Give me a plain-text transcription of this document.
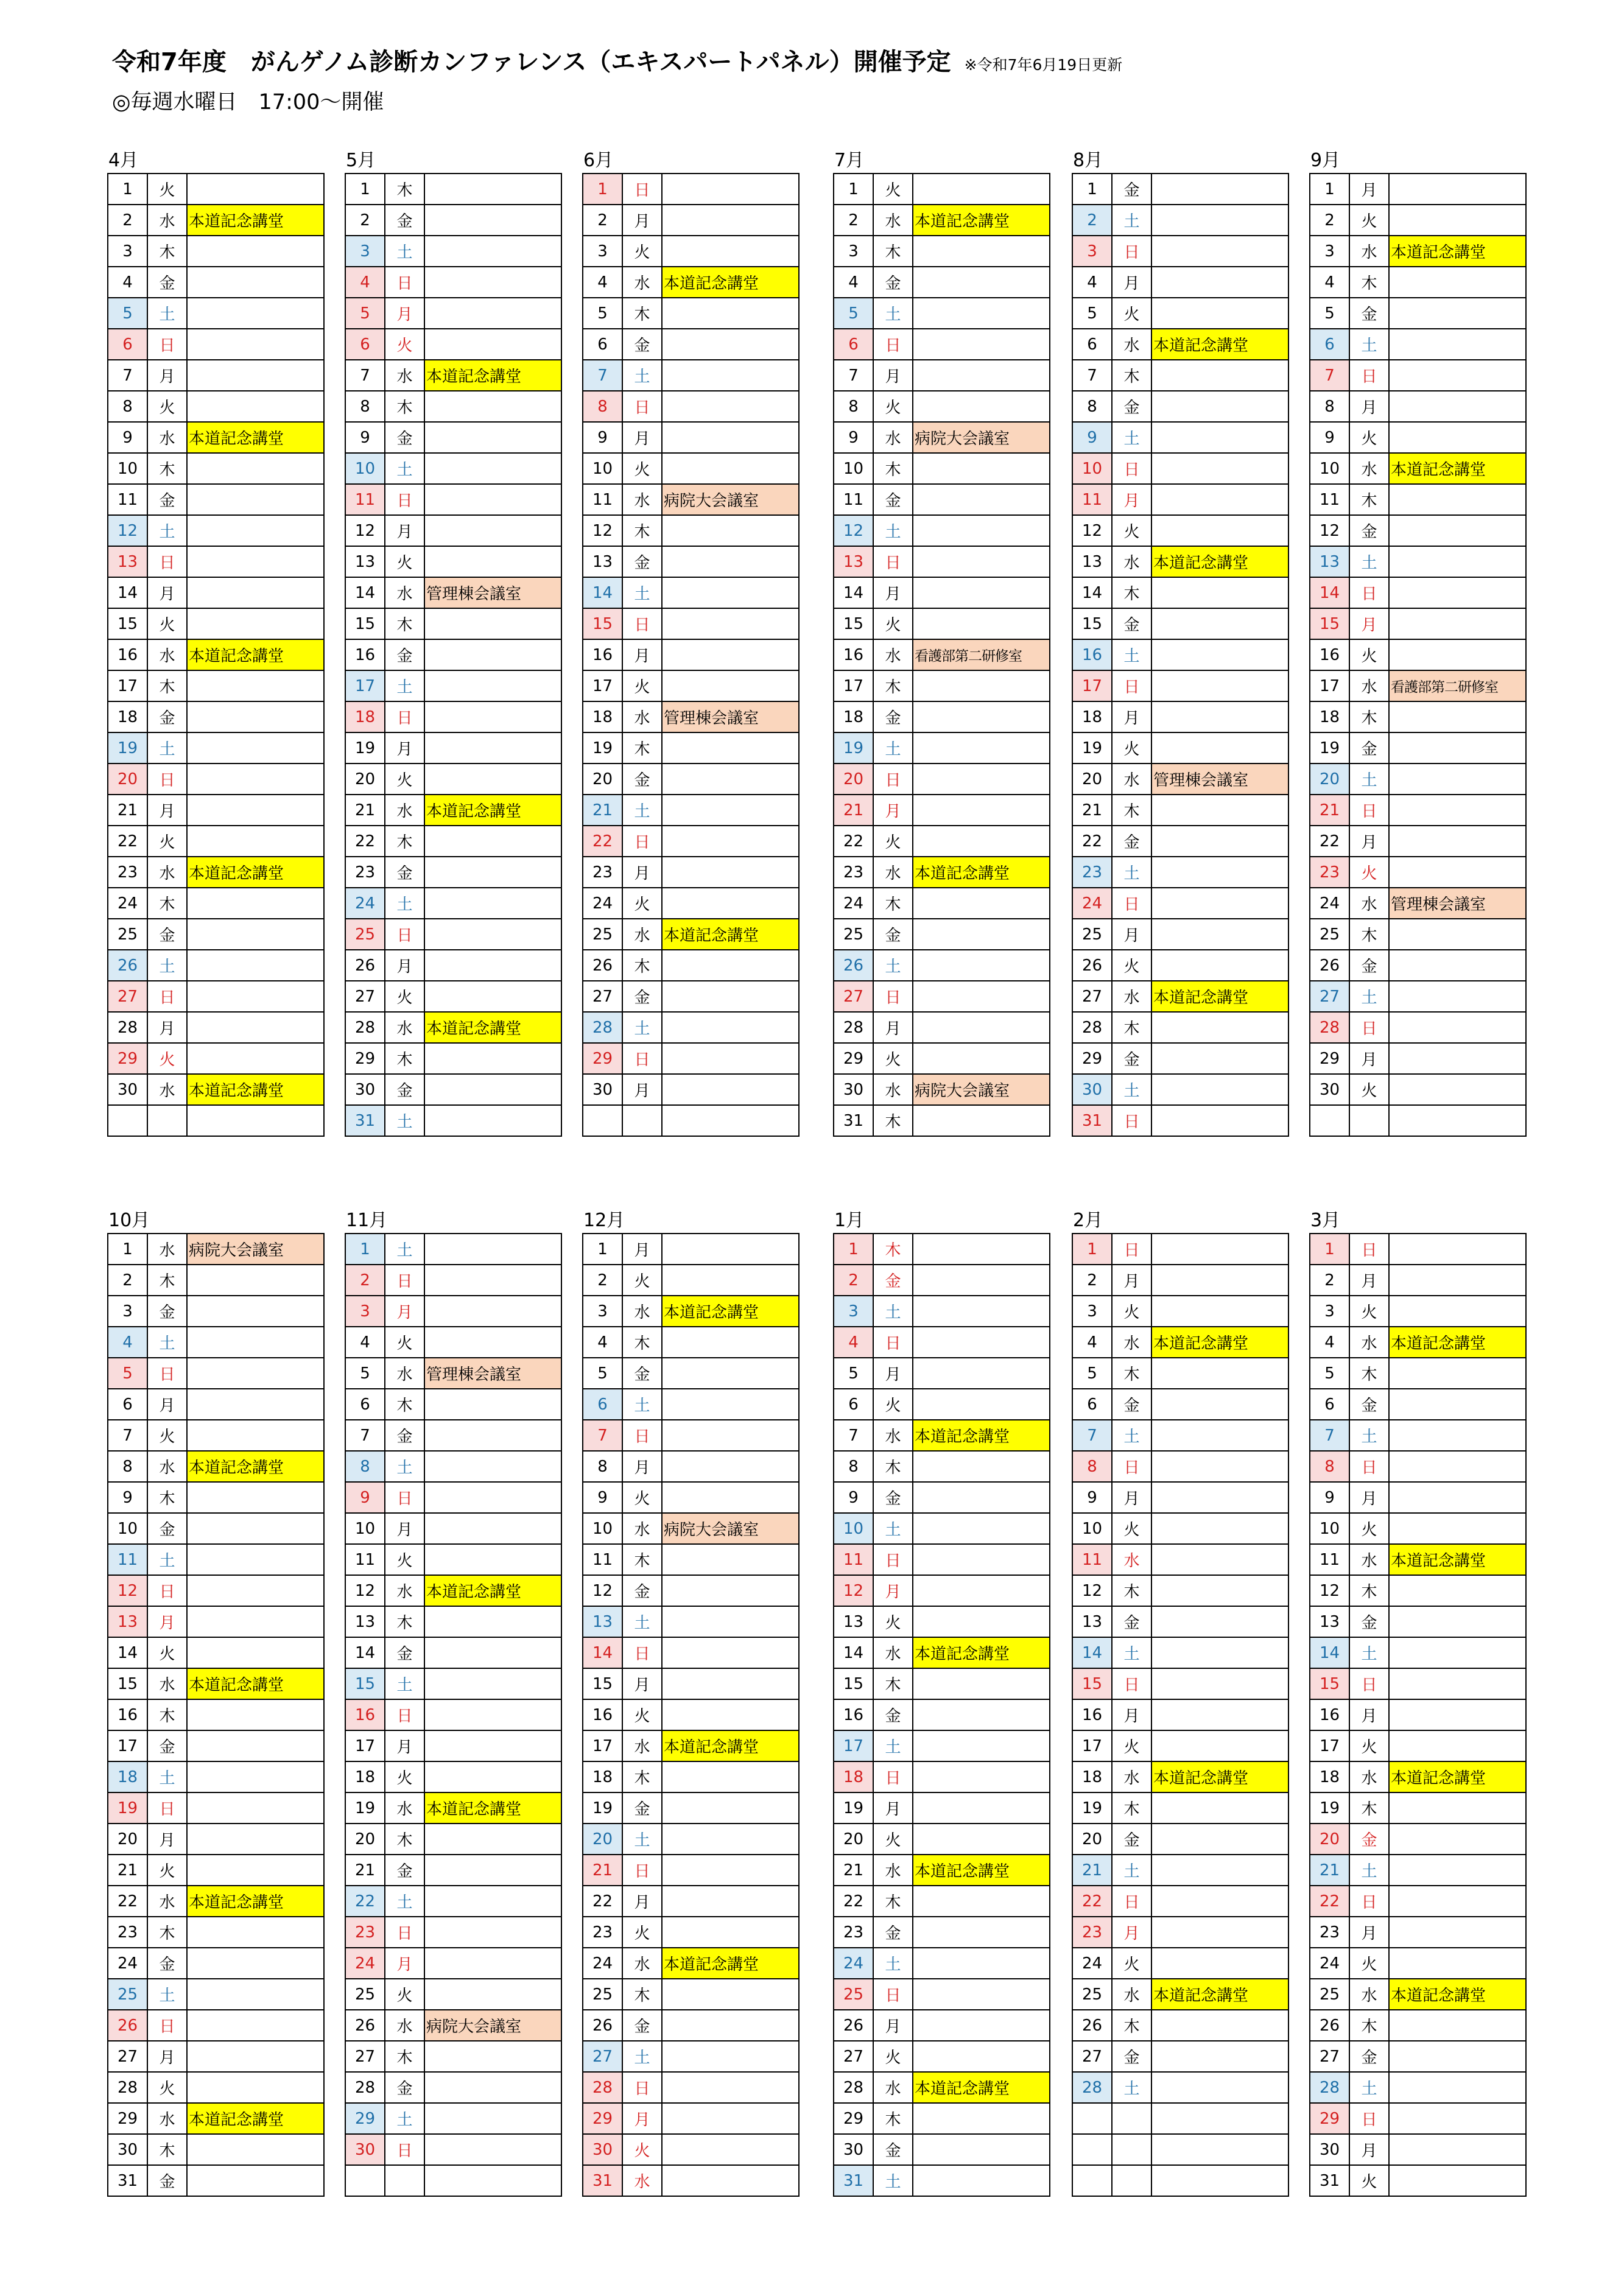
令和7年度　がんゲノム診断カンファレンス（エキスパートパネル）開催予定 ※令和7年6月19日更新
◎毎週水曜日　17:00～開催
4月
1	火	
2	水	本道記念講堂
3	木	
4	金	
5	土	
6	日	
7	月	
8	火	
9	水	本道記念講堂
10	木	
11	金	
12	土	
13	日	
14	月	
15	火	
16	水	本道記念講堂
17	木	
18	金	
19	土	
20	日	
21	月	
22	火	
23	水	本道記念講堂
24	木	
25	金	
26	土	
27	日	
28	月	
29	火	
30	水	本道記念講堂

5月
1	木	
2	金	
3	土	
4	日	
5	月	
6	火	
7	水	本道記念講堂
8	木	
9	金	
10	土	
11	日	
12	月	
13	火	
14	水	管理棟会議室
15	木	
16	金	
17	土	
18	日	
19	月	
20	火	
21	水	本道記念講堂
22	木	
23	金	
24	土	
25	日	
26	月	
27	火	
28	水	本道記念講堂
29	木	
30	金	
31	土	
6月
1	日	
2	月	
3	火	
4	水	本道記念講堂
5	木	
6	金	
7	土	
8	日	
9	月	
10	火	
11	水	病院大会議室
12	木	
13	金	
14	土	
15	日	
16	月	
17	火	
18	水	管理棟会議室
19	木	
20	金	
21	土	
22	日	
23	月	
24	火	
25	水	本道記念講堂
26	木	
27	金	
28	土	
29	日	
30	月	

7月
1	火	
2	水	本道記念講堂
3	木	
4	金	
5	土	
6	日	
7	月	
8	火	
9	水	病院大会議室
10	木	
11	金	
12	土	
13	日	
14	月	
15	火	
16	水	看護部第二研修室
17	木	
18	金	
19	土	
20	日	
21	月	
22	火	
23	水	本道記念講堂
24	木	
25	金	
26	土	
27	日	
28	月	
29	火	
30	水	病院大会議室
31	木	
8月
1	金	
2	土	
3	日	
4	月	
5	火	
6	水	本道記念講堂
7	木	
8	金	
9	土	
10	日	
11	月	
12	火	
13	水	本道記念講堂
14	木	
15	金	
16	土	
17	日	
18	月	
19	火	
20	水	管理棟会議室
21	木	
22	金	
23	土	
24	日	
25	月	
26	火	
27	水	本道記念講堂
28	木	
29	金	
30	土	
31	日	
9月
1	月	
2	火	
3	水	本道記念講堂
4	木	
5	金	
6	土	
7	日	
8	月	
9	火	
10	水	本道記念講堂
11	木	
12	金	
13	土	
14	日	
15	月	
16	火	
17	水	看護部第二研修室
18	木	
19	金	
20	土	
21	日	
22	月	
23	火	
24	水	管理棟会議室
25	木	
26	金	
27	土	
28	日	
29	月	
30	火	

10月
1	水	病院大会議室
2	木	
3	金	
4	土	
5	日	
6	月	
7	火	
8	水	本道記念講堂
9	木	
10	金	
11	土	
12	日	
13	月	
14	火	
15	水	本道記念講堂
16	木	
17	金	
18	土	
19	日	
20	月	
21	火	
22	水	本道記念講堂
23	木	
24	金	
25	土	
26	日	
27	月	
28	火	
29	水	本道記念講堂
30	木	
31	金	
11月
1	土	
2	日	
3	月	
4	火	
5	水	管理棟会議室
6	木	
7	金	
8	土	
9	日	
10	月	
11	火	
12	水	本道記念講堂
13	木	
14	金	
15	土	
16	日	
17	月	
18	火	
19	水	本道記念講堂
20	木	
21	金	
22	土	
23	日	
24	月	
25	火	
26	水	病院大会議室
27	木	
28	金	
29	土	
30	日	

12月
1	月	
2	火	
3	水	本道記念講堂
4	木	
5	金	
6	土	
7	日	
8	月	
9	火	
10	水	病院大会議室
11	木	
12	金	
13	土	
14	日	
15	月	
16	火	
17	水	本道記念講堂
18	木	
19	金	
20	土	
21	日	
22	月	
23	火	
24	水	本道記念講堂
25	木	
26	金	
27	土	
28	日	
29	月	
30	火	
31	水	
1月
1	木	
2	金	
3	土	
4	日	
5	月	
6	火	
7	水	本道記念講堂
8	木	
9	金	
10	土	
11	日	
12	月	
13	火	
14	水	本道記念講堂
15	木	
16	金	
17	土	
18	日	
19	月	
20	火	
21	水	本道記念講堂
22	木	
23	金	
24	土	
25	日	
26	月	
27	火	
28	水	本道記念講堂
29	木	
30	金	
31	土	
2月
1	日	
2	月	
3	火	
4	水	本道記念講堂
5	木	
6	金	
7	土	
8	日	
9	月	
10	火	
11	水	
12	木	
13	金	
14	土	
15	日	
16	月	
17	火	
18	水	本道記念講堂
19	木	
20	金	
21	土	
22	日	
23	月	
24	火	
25	水	本道記念講堂
26	木	
27	金	
28	土	

3月
1	日	
2	月	
3	火	
4	水	本道記念講堂
5	木	
6	金	
7	土	
8	日	
9	月	
10	火	
11	水	本道記念講堂
12	木	
13	金	
14	土	
15	日	
16	月	
17	火	
18	水	本道記念講堂
19	木	
20	金	
21	土	
22	日	
23	月	
24	火	
25	水	本道記念講堂
26	木	
27	金	
28	土	
29	日	
30	月	
31	火	
